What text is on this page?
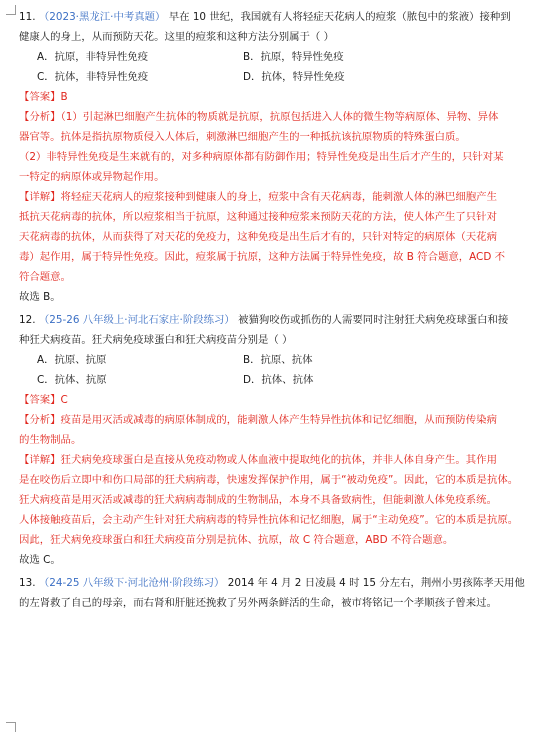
11. （2023·黑龙江·中考真题） 早在 10 世纪，我国就有人将轻症天花病人的痘浆（脓包中的浆液）接种到
健康人的身上，从而预防天花。这里的痘浆和这种方法分别属于（ ）
A．抗原，非特异性免疫	B．抗原，特异性免疫
C．抗体，非特异性免疫	D．抗体，特异性免疫
【答案】B
【分析】（1）引起淋巴细胞产生抗体的物质就是抗原，抗原包括进入人体的微生物等病原体、异物、异体
器官等。抗体是指抗原物质侵入人体后，刺激淋巴细胞产生的一种抵抗该抗原物质的特殊蛋白质。
（2）非特异性免疫是生来就有的，对多种病原体都有防御作用；特异性免疫是出生后才产生的，只针对某
一特定的病原体或异物起作用。
【详解】将轻症天花病人的痘浆接种到健康人的身上，痘浆中含有天花病毒，能刺激人体的淋巴细胞产生
抵抗天花病毒的抗体，所以痘浆相当于抗原，这种通过接种痘浆来预防天花的方法，使人体产生了只针对
天花病毒的抗体，从而获得了对天花的免疫力，这种免疫是出生后才有的，只针对特定的病原体（天花病
毒）起作用，属于特异性免疫。因此，痘浆属于抗原，这种方法属于特异性免疫，故 B 符合题意，ACD 不
符合题意。
故选 B。
12. （25-26 八年级上·河北石家庄·阶段练习） 被猫狗咬伤或抓伤的人需要同时注射狂犬病免疫球蛋白和接
种狂犬病疫苗。狂犬病免疫球蛋白和狂犬病疫苗分别是（ ）
A．抗原、抗原	B．抗原、抗体
C．抗体、抗原	D．抗体、抗体
【答案】C
【分析】疫苗是用灭活或减毒的病原体制成的，能刺激人体产生特异性抗体和记忆细胞，从而预防传染病
的生物制品。
【详解】狂犬病免疫球蛋白是直接从免疫动物或人体血液中提取纯化的抗体，并非人体自身产生。其作用
是在咬伤后立即中和伤口局部的狂犬病病毒，快速发挥保护作用，属于“被动免疫”。因此，它的本质是抗体。
狂犬病疫苗是用灭活或减毒的狂犬病病毒制成的生物制品，本身不具备致病性，但能刺激人体免疫系统。
人体接触疫苗后，会主动产生针对狂犬病病毒的特异性抗体和记忆细胞，属于“主动免疫”。它的本质是抗原。
因此，狂犬病免疫球蛋白和狂犬病疫苗分别是抗体、抗原，故 C 符合题意，ABD 不符合题意。
故选 C。
13. （24-25 八年级下·河北沧州·阶段练习） 2014 年 4 月 2 日凌晨 4 时 15 分左右，荆州小男孩陈孝天用他
的左肾救了自己的母亲，而右肾和肝脏还挽救了另外两条鲜活的生命，被市将铭记一个孝顺孩子曾来过。
